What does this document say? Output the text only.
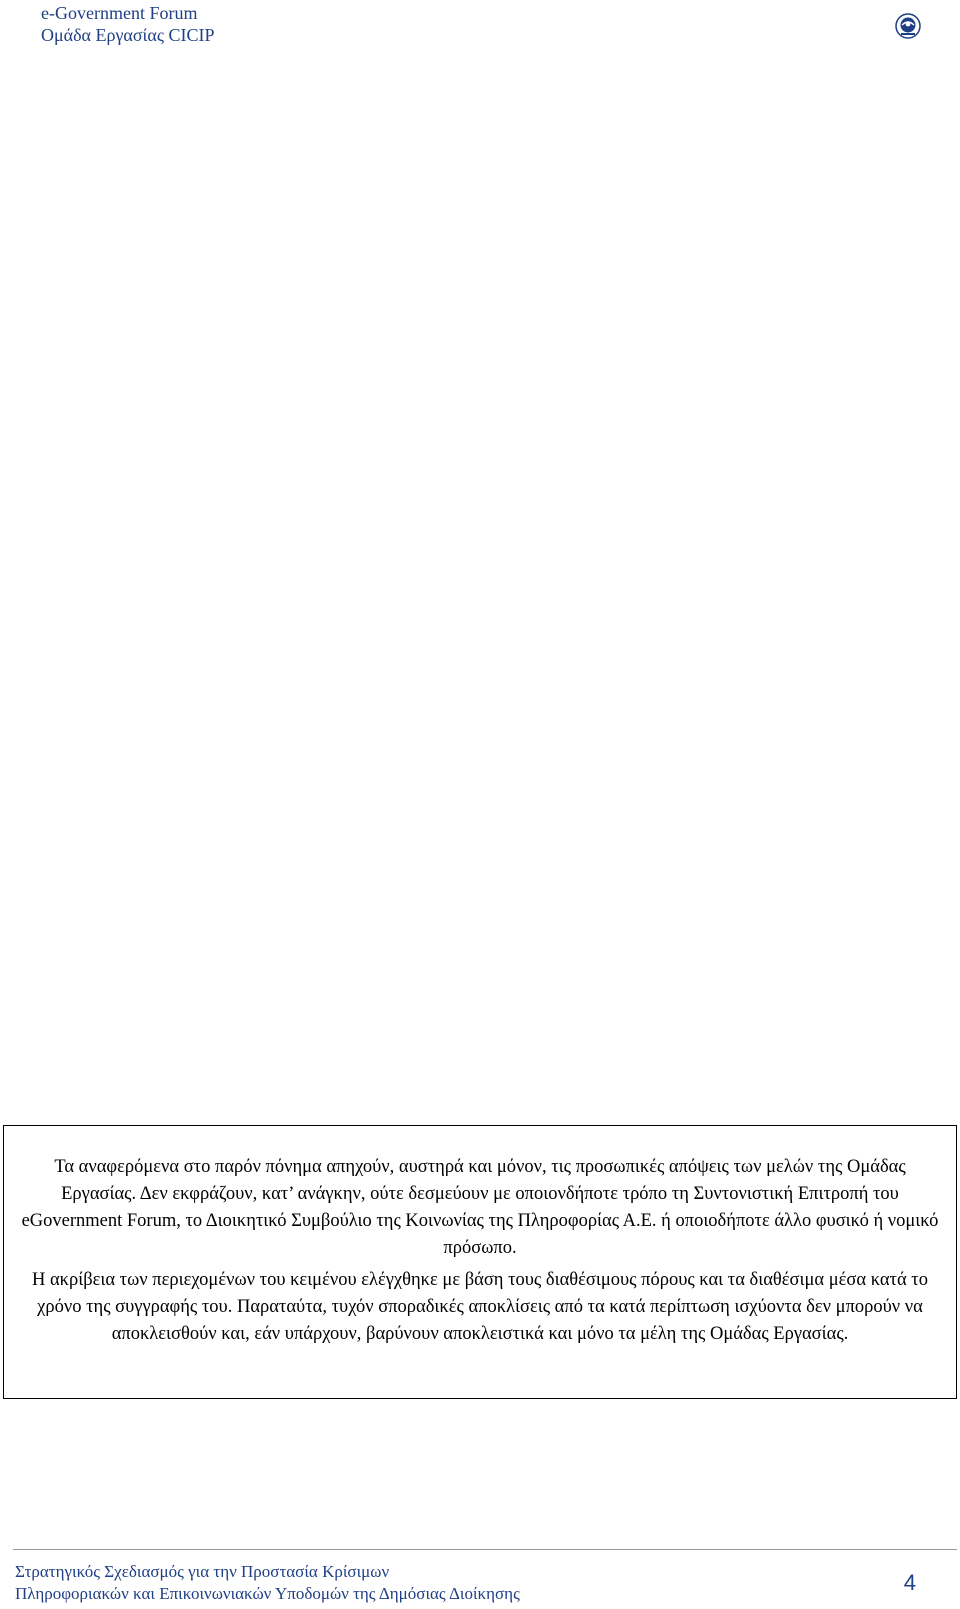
e-Government Forum
Ομάδα Εργασίας CICIP

Τα αναφερόμενα στο παρόν πόνημα απηχούν, αυστηρά και μόνον, τις προσωπικές απόψεις των μελών της Ομάδας Εργασίας. Δεν εκφράζουν, κατ’ ανάγκην, ούτε δεσμεύουν με οποιονδήποτε τρόπο τη Συντονιστική Επιτροπή του eGovernment Forum, το Διοικητικό Συμβούλιο της Κοινωνίας της Πληροφορίας Α.Ε. ή οποιοδήποτε άλλο φυσικό ή νομικό πρόσωπο.

Η ακρίβεια των περιεχομένων του κειμένου ελέγχθηκε με βάση τους διαθέσιμους πόρους και τα διαθέσιμα μέσα κατά το χρόνο της συγγραφής του. Παραταύτα, τυχόν σποραδικές αποκλίσεις από τα κατά περίπτωση ισχύοντα δεν μπορούν να αποκλεισθούν και, εάν υπάρχουν, βαρύνουν αποκλειστικά και μόνο τα μέλη της Ομάδας Εργασίας.

Στρατηγικός Σχεδιασμός για την Προστασία Κρίσιμων
Πληροφοριακών και Επικοινωνιακών Υποδομών της Δημόσιας Διοίκησης	4
